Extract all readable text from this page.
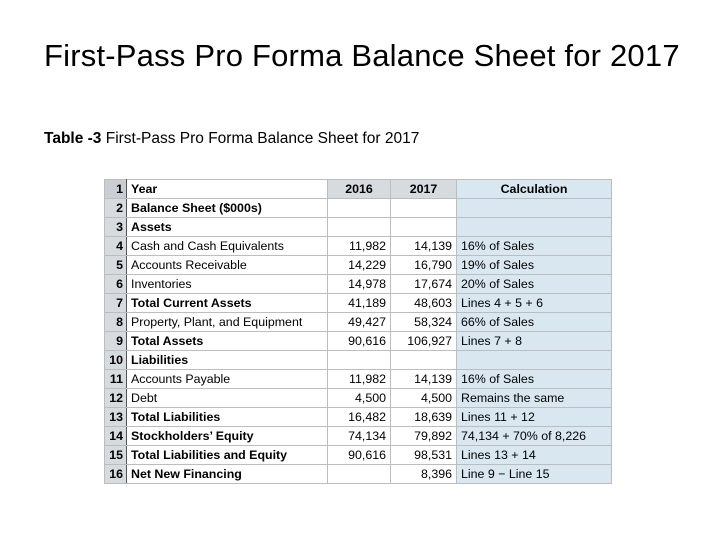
First-Pass Pro Forma Balance Sheet for 2017
Table -3 First-Pass Pro Forma Balance Sheet for 2017
1	Year	2016	2017	Calculation
2	Balance Sheet ($000s)			
3	Assets			
4	Cash and Cash Equivalents	11,982	14,139	16% of Sales
5	Accounts Receivable	14,229	16,790	19% of Sales
6	Inventories	14,978	17,674	20% of Sales
7	Total Current Assets	41,189	48,603	Lines 4 + 5 + 6
8	Property, Plant, and Equipment	49,427	58,324	66% of Sales
9	Total Assets	90,616	106,927	Lines 7 + 8
10	Liabilities			
11	Accounts Payable	11,982	14,139	16% of Sales
12	Debt	4,500	4,500	Remains the same
13	Total Liabilities	16,482	18,639	Lines 11 + 12
14	Stockholders’ Equity	74,134	79,892	74,134 + 70% of 8,226
15	Total Liabilities and Equity	90,616	98,531	Lines 13 + 14
16	Net New Financing		8,396	Line 9 − Line 15
